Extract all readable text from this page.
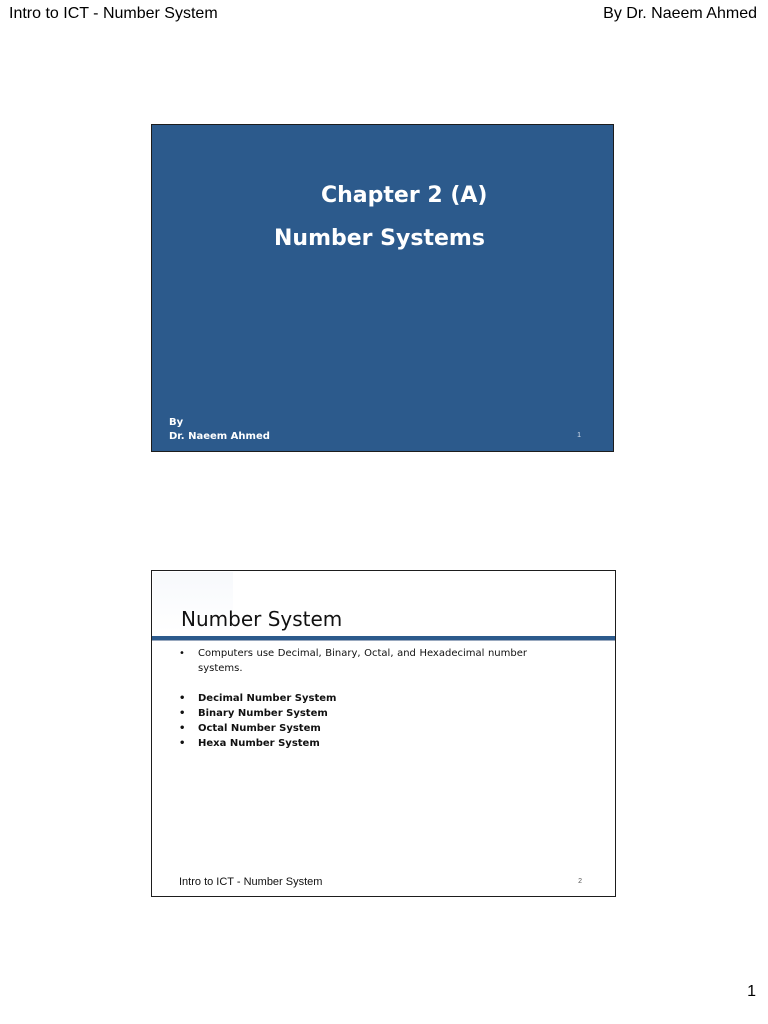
Intro to ICT - Number System	By Dr. Naeem Ahmed
Chapter 2 (A)
Number Systems
By
Dr. Naeem Ahmed	1
Number System
•	Computers use Decimal, Binary, Octal, and Hexadecimal number systems.
•	Decimal Number System
•	Binary Number System
•	Octal Number System
•	Hexa Number System
Intro to ICT - Number System	2
1
